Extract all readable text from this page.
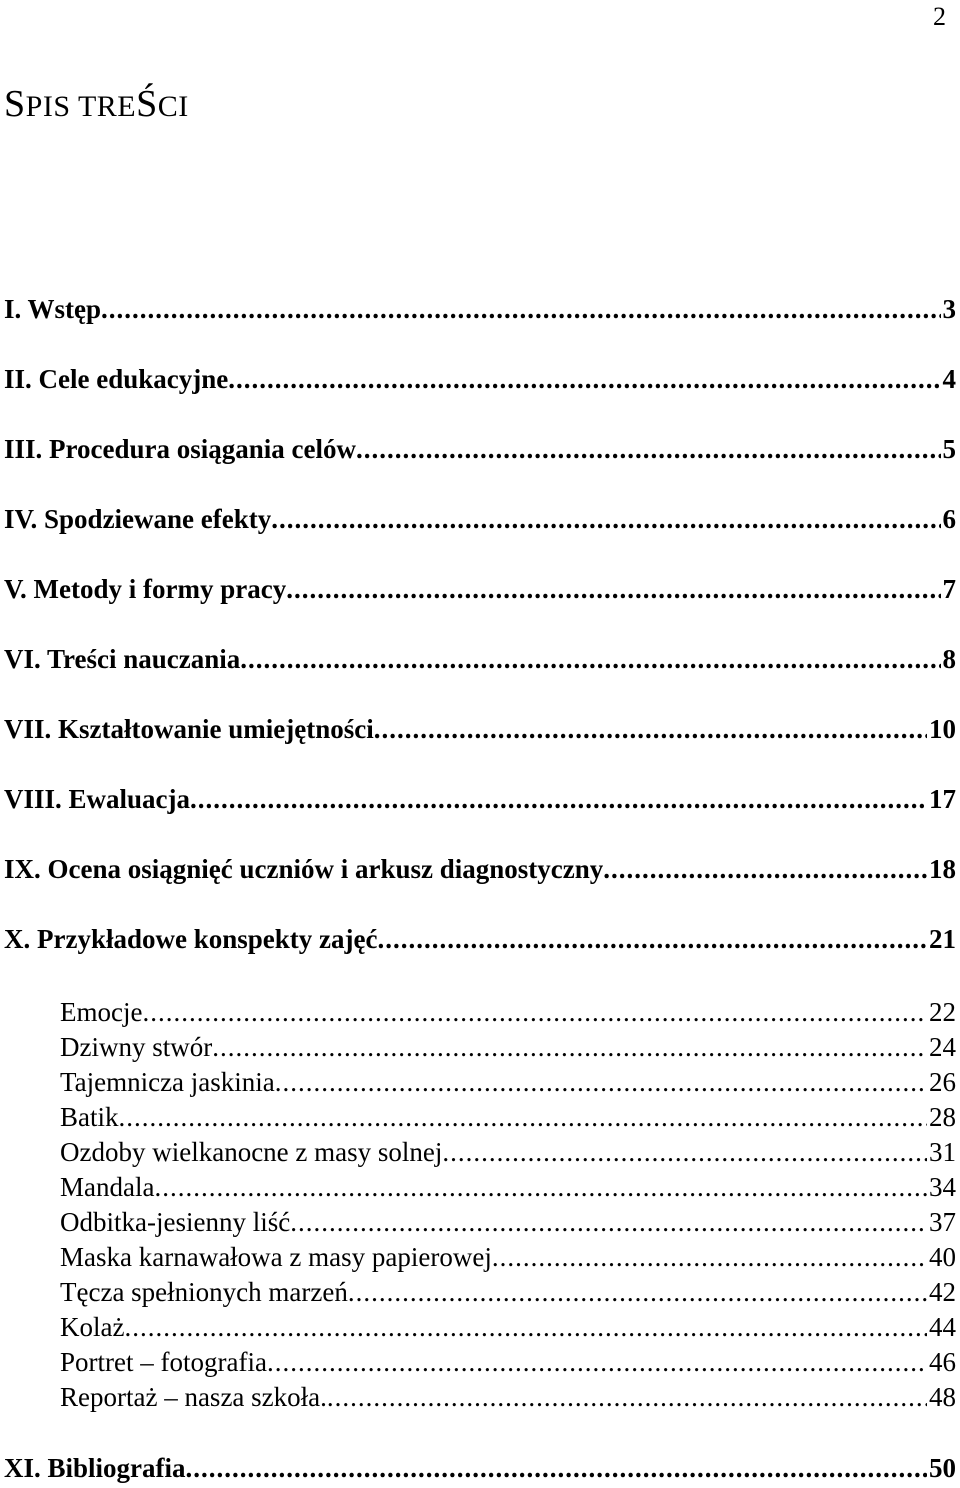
2
SPIS TREŚCI
I. Wstęp .....	3
II. Cele edukacyjne .....	4
III. Procedura osiągania celów .....	5
IV. Spodziewane efekty .....	6
V. Metody i formy pracy .....	7
VI. Treści nauczania .....	8
VII. Kształtowanie umiejętności .....	10
VIII. Ewaluacja .....	17
IX. Ocena osiągnięć uczniów i arkusz diagnostyczny .....	18
X. Przykładowe konspekty zajęć .....	21
Emocje .....	22
Dziwny stwór .....	24
Tajemnicza jaskinia .....	26
Batik .....	28
Ozdoby wielkanocne z masy solnej .....	31
Mandala .....	34
Odbitka-jesienny liść .....	37
Maska karnawałowa z masy papierowej .....	40
Tęcza spełnionych marzeń .....	42
Kolaż .....	44
Portret – fotografia .....	46
Reportaż – nasza szkoła. .....	48
XI. Bibliografia .....	50
